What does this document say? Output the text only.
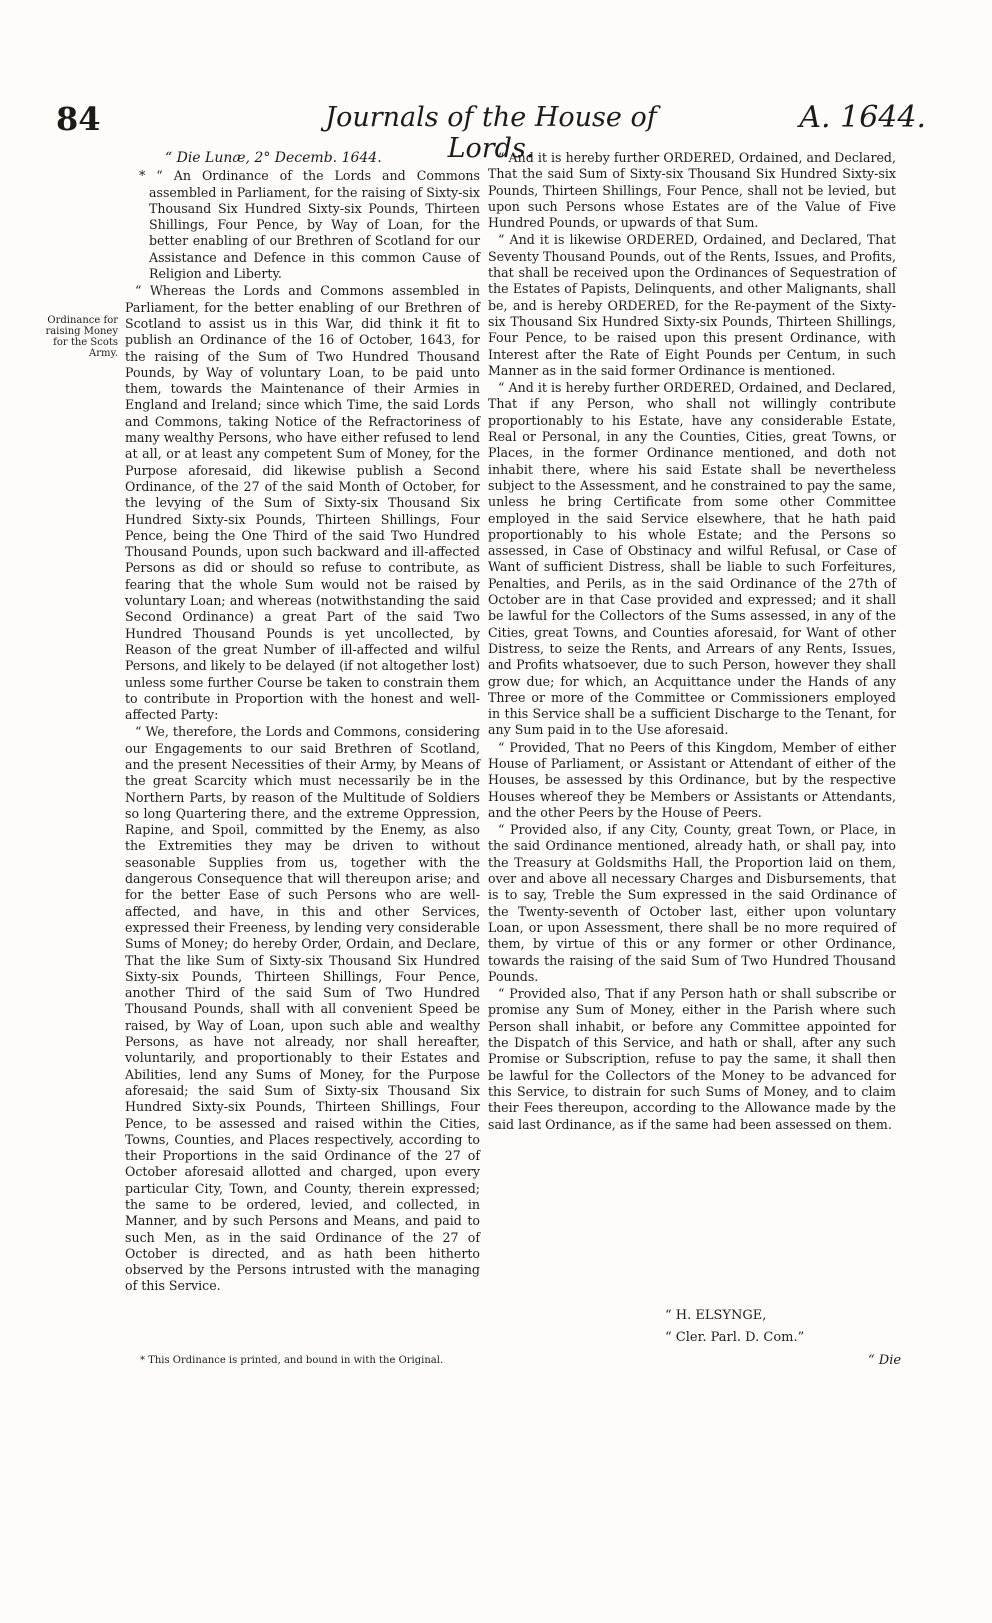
84	Journals of the House of Lords.
A. 1644.
Ordinance for raising Money for the Scots Army.

“ Die Lunæ, 2° Decemb. 1644.

* “ An Ordinance of the Lords and Commons assembled in Parliament, for the raising of Sixty-six Thousand Six Hundred Sixty-six Pounds, Thirteen Shillings, Four Pence, by Way of Loan, for the better enabling of our Brethren of Scotland for our Assistance and Defence in this common Cause of Religion and Liberty.

“ Whereas the Lords and Commons assembled in Parliament, for the better enabling of our Brethren of Scotland to assist us in this War, did think it fit to publish an Ordinance of the 16 of October, 1643, for the raising of the Sum of Two Hundred Thousand Pounds, by Way of voluntary Loan, to be paid unto them, towards the Maintenance of their Armies in England and Ireland; since which Time, the said Lords and Commons, taking Notice of the Refractoriness of many wealthy Persons, who have either refused to lend at all, or at least any competent Sum of Money, for the Purpose aforesaid, did likewise publish a Second Ordinance, of the 27 of the said Month of October, for the levying of the Sum of Sixty-six Thousand Six Hundred Sixty-six Pounds, Thirteen Shillings, Four Pence, being the One Third of the said Two Hundred Thousand Pounds, upon such backward and ill-affected Persons as did or should so refuse to contribute, as fearing that the whole Sum would not be raised by voluntary Loan; and whereas (notwithstanding the said Second Ordinance) a great Part of the said Two Hundred Thousand Pounds is yet uncollected, by Reason of the great Number of ill-affected and wilful Persons, and likely to be delayed (if not altogether lost) unless some further Course be taken to constrain them to contribute in Proportion with the honest and well-affected Party:

“ We, therefore, the Lords and Commons, considering our Engagements to our said Brethren of Scotland, and the present Necessities of their Army, by Means of the great Scarcity which must necessarily be in the Northern Parts, by reason of the Multitude of Soldiers so long Quartering there, and the extreme Oppression, Rapine, and Spoil, committed by the Enemy, as also the Extremities they may be driven to without seasonable Supplies from us, together with the dangerous Consequence that will thereupon arise; and for the better Ease of such Persons who are well-affected, and have, in this and other Services, expressed their Freeness, by lending very considerable Sums of Money; do hereby Order, Ordain, and Declare, That the like Sum of Sixty-six Thousand Six Hundred Sixty-six Pounds, Thirteen Shillings, Four Pence, another Third of the said Sum of Two Hundred Thousand Pounds, shall with all convenient Speed be raised, by Way of Loan, upon such able and wealthy Persons, as have not already, nor shall hereafter, voluntarily, and proportionably to their Estates and Abilities, lend any Sums of Money, for the Purpose aforesaid; the said Sum of Sixty-six Thousand Six Hundred Sixty-six Pounds, Thirteen Shillings, Four Pence, to be assessed and raised within the Cities, Towns, Counties, and Places respectively, according to their Proportions in the said Ordinance of the 27 of October aforesaid allotted and charged, upon every particular City, Town, and County, therein expressed; the same to be ordered, levied, and collected, in Manner, and by such Persons and Means, and paid to such Men, as in the said Ordinance of the 27 of October is directed, and as hath been hitherto observed by the Persons intrusted with the managing of this Service.

“ And it is hereby further ORDERED, Ordained, and Declared, That the said Sum of Sixty-six Thousand Six Hundred Sixty-six Pounds, Thirteen Shillings, Four Pence, shall not be levied, but upon such Persons whose Estates are of the Value of Five Hundred Pounds, or upwards of that Sum.

“ And it is likewise ORDERED, Ordained, and Declared, That Seventy Thousand Pounds, out of the Rents, Issues, and Profits, that shall be received upon the Ordinances of Sequestration of the Estates of Papists, Delinquents, and other Malignants, shall be, and is hereby ORDERED, for the Re-payment of the Sixty-six Thousand Six Hundred Sixty-six Pounds, Thirteen Shillings, Four Pence, to be raised upon this present Ordinance, with Interest after the Rate of Eight Pounds per Centum, in such Manner as in the said former Ordinance is mentioned.

“ And it is hereby further ORDERED, Ordained, and Declared, That if any Person, who shall not willingly contribute proportionably to his Estate, have any considerable Estate, Real or Personal, in any the Counties, Cities, great Towns, or Places, in the former Ordinance mentioned, and doth not inhabit there, where his said Estate shall be nevertheless subject to the Assessment, and he constrained to pay the same, unless he bring Certificate from some other Committee employed in the said Service elsewhere, that he hath paid proportionably to his whole Estate; and the Persons so assessed, in Case of Obstinacy and wilful Refusal, or Case of Want of sufficient Distress, shall be liable to such Forfeitures, Penalties, and Perils, as in the said Ordinance of the 27th of October are in that Case provided and expressed; and it shall be lawful for the Collectors of the Sums assessed, in any of the Cities, great Towns, and Counties aforesaid, for Want of other Distress, to seize the Rents, and Arrears of any Rents, Issues, and Profits whatsoever, due to such Person, however they shall grow due; for which, an Acquittance under the Hands of any Three or more of the Committee or Commissioners employed in this Service shall be a sufficient Discharge to the Tenant, for any Sum paid in to the Use aforesaid.

“ Provided, That no Peers of this Kingdom, Member of either House of Parliament, or Assistant or Attendant of either of the Houses, be assessed by this Ordinance, but by the respective Houses whereof they be Members or Assistants or Attendants, and the other Peers by the House of Peers.

“ Provided also, if any City, County, great Town, or Place, in the said Ordinance mentioned, already hath, or shall pay, into the Treasury at Goldsmiths Hall, the Proportion laid on them, over and above all necessary Charges and Disbursements, that is to say, Treble the Sum expressed in the said Ordinance of the Twenty-seventh of October last, either upon voluntary Loan, or upon Assessment, there shall be no more required of them, by virtue of this or any former or other Ordinance, towards the raising of the said Sum of Two Hundred Thousand Pounds.

“ Provided also, That if any Person hath or shall subscribe or promise any Sum of Money, either in the Parish where such Person shall inhabit, or before any Committee appointed for the Dispatch of this Service, and hath or shall, after any such Promise or Subscription, refuse to pay the same, it shall then be lawful for the Collectors of the Money to be advanced for this Service, to distrain for such Sums of Money, and to claim their Fees thereupon, according to the Allowance made by the said last Ordinance, as if the same had been assessed on them.

“ H. ELSYNGE,
“ Cler. Parl. D. Com.”
“ Die
* This Ordinance is printed, and bound in with the Original.
